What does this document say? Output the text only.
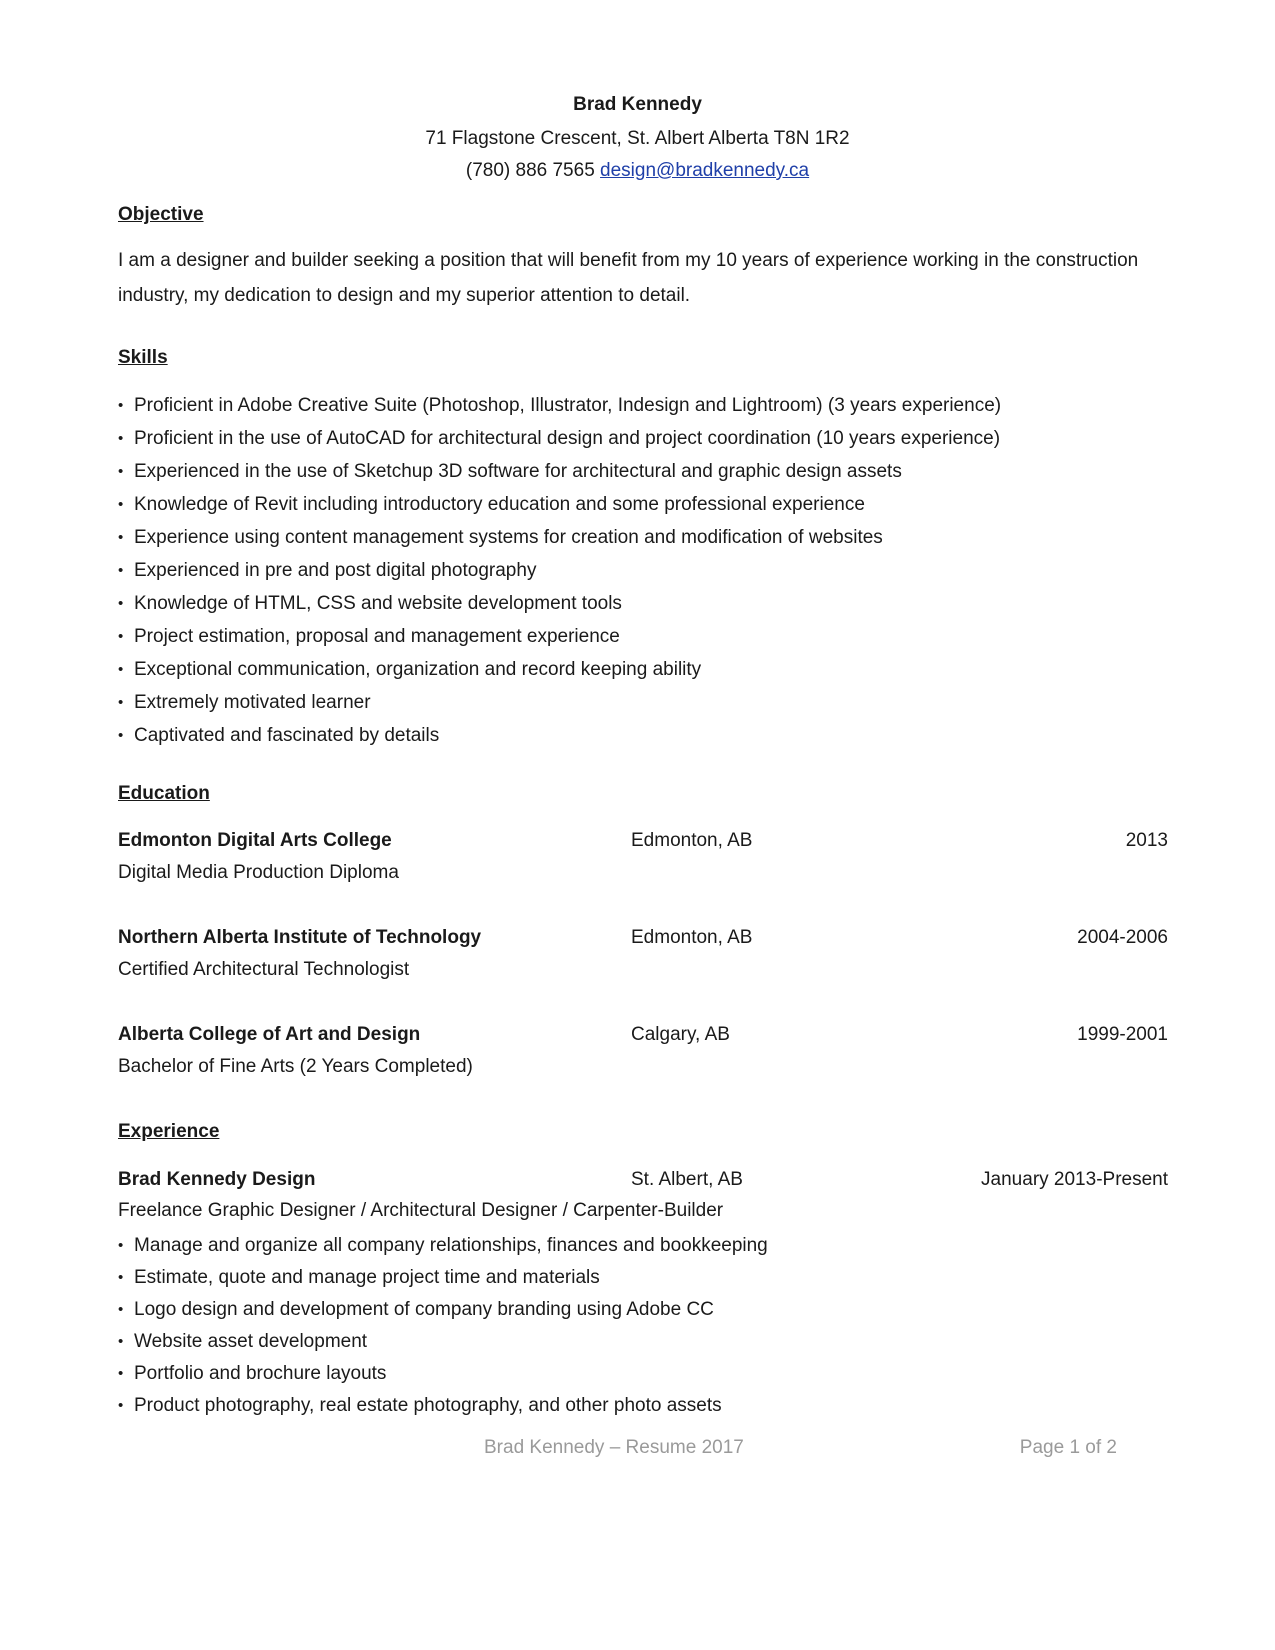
Brad Kennedy
71 Flagstone Crescent, St. Albert Alberta T8N 1R2
(780) 886 7565 design@bradkennedy.ca
Objective
I am a designer and builder seeking a position that will benefit from my 10 years of experience working in the construction industry, my dedication to design and my superior attention to detail.
Skills
• Proficient in Adobe Creative Suite (Photoshop, Illustrator, Indesign and Lightroom) (3 years experience)
• Proficient in the use of AutoCAD for architectural design and project coordination (10 years experience)
• Experienced in the use of Sketchup 3D software for architectural and graphic design assets
• Knowledge of Revit including introductory education and some professional experience
• Experience using content management systems for creation and modification of websites
• Experienced in pre and post digital photography
• Knowledge of HTML, CSS and website development tools
• Project estimation, proposal and management experience
• Exceptional communication, organization and record keeping ability
• Extremely motivated learner
• Captivated and fascinated by details
Education
Edmonton Digital Arts College	Edmonton, AB	2013
Digital Media Production Diploma
Northern Alberta Institute of Technology	Edmonton, AB	2004-2006
Certified Architectural Technologist
Alberta College of Art and Design	Calgary, AB	1999-2001
Bachelor of Fine Arts (2 Years Completed)
Experience
Brad Kennedy Design	St. Albert, AB	January 2013-Present
Freelance Graphic Designer / Architectural Designer / Carpenter-Builder
• Manage and organize all company relationships, finances and bookkeeping
• Estimate, quote and manage project time and materials
• Logo design and development of company branding using Adobe CC
• Website asset development
• Portfolio and brochure layouts
• Product photography, real estate photography, and other photo assets
Brad Kennedy – Resume 2017	Page 1 of 2
